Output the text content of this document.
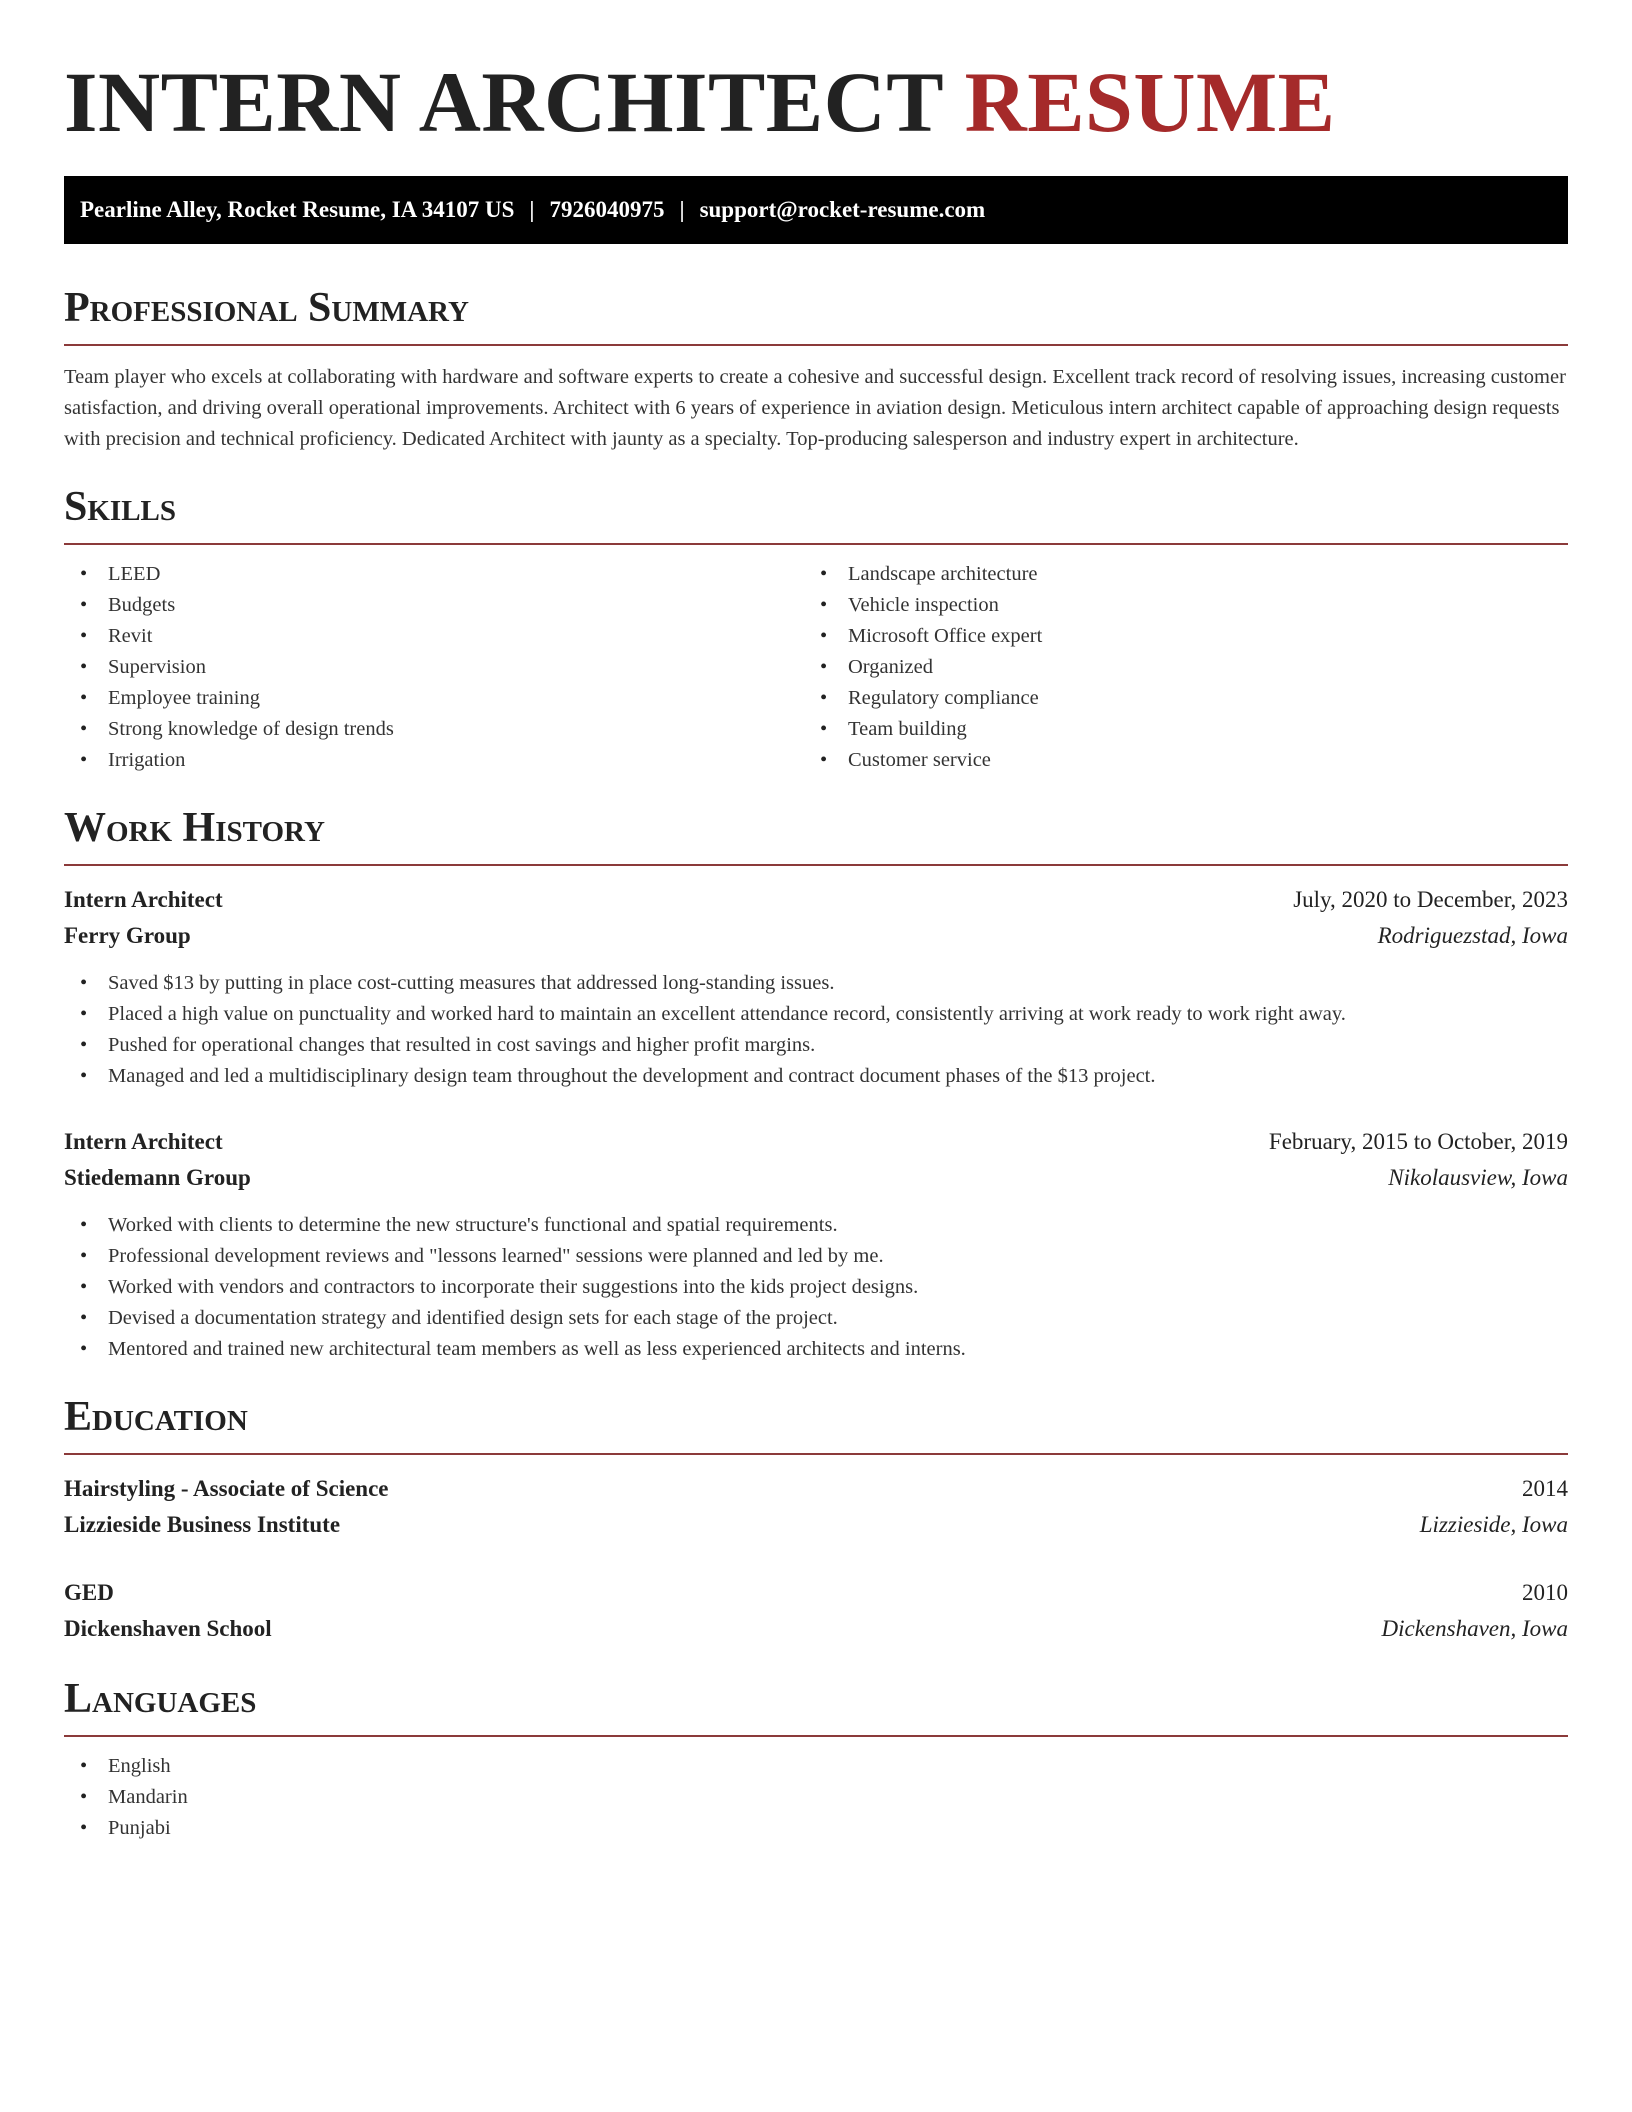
INTERN ARCHITECT RESUME
Pearline Alley, Rocket Resume, IA 34107 US | 7926040975 | support@rocket-resume.com
Professional Summary

Team player who excels at collaborating with hardware and software experts to create a cohesive and successful design. Excellent track record of resolving issues, increasing customer satisfaction, and driving overall operational improvements. Architect with 6 years of experience in aviation design. Meticulous intern architect capable of approaching design requests with precision and technical proficiency. Dedicated Architect with jaunty as a specialty. Top-producing salesperson and industry expert in architecture.

Skills
• LEED
• Budgets
• Revit
• Supervision
• Employee training
• Strong knowledge of design trends
• Irrigation
• Landscape architecture
• Vehicle inspection
• Microsoft Office expert
• Organized
• Regulatory compliance
• Team building
• Customer service
Work History
Intern Architect	July, 2020 to December, 2023
Ferry Group	Rodriguezstad, Iowa
• Saved $13 by putting in place cost-cutting measures that addressed long-standing issues.
• Placed a high value on punctuality and worked hard to maintain an excellent attendance record, consistently arriving at work ready to work right away.
• Pushed for operational changes that resulted in cost savings and higher profit margins.
• Managed and led a multidisciplinary design team throughout the development and contract document phases of the $13 project.
Intern Architect	February, 2015 to October, 2019
Stiedemann Group	Nikolausview, Iowa
• Worked with clients to determine the new structure's functional and spatial requirements.
• Professional development reviews and "lessons learned" sessions were planned and led by me.
• Worked with vendors and contractors to incorporate their suggestions into the kids project designs.
• Devised a documentation strategy and identified design sets for each stage of the project.
• Mentored and trained new architectural team members as well as less experienced architects and interns.
Education
Hairstyling - Associate of Science	2014
Lizzieside Business Institute	Lizzieside, Iowa
GED	2010
Dickenshaven School	Dickenshaven, Iowa
Languages
• English
• Mandarin
• Punjabi
